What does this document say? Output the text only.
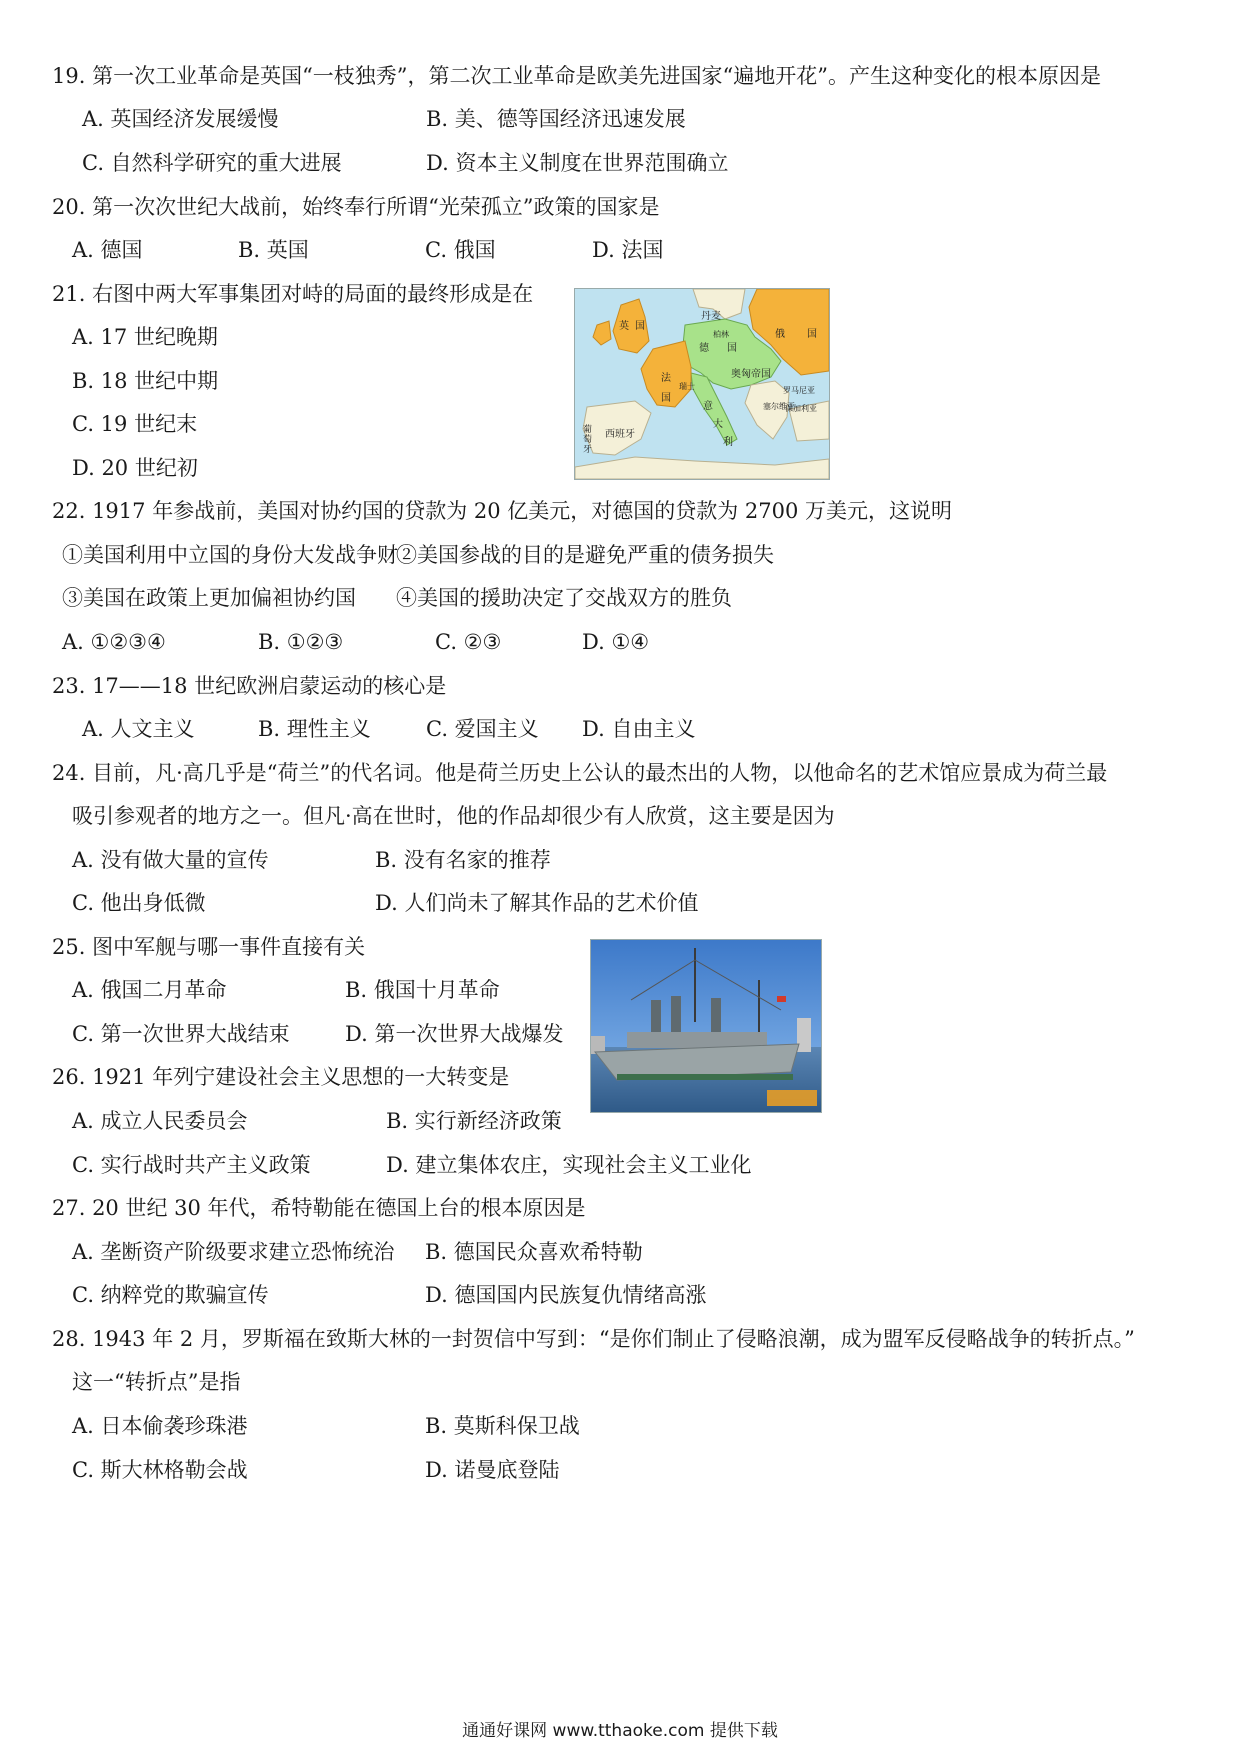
19. 第一次工业革命是英国“一枝独秀”，第二次工业革命是欧美先进国家“遍地开花”。产生这种变化的根本原因是
A. 英国经济发展缓慢	B. 美、德等国经济迅速发展
C. 自然科学研究的重大进展	D. 资本主义制度在世界范围确立
20. 第一次次世纪大战前，始终奉行所谓“光荣孤立”政策的国家是
A. 德国	B. 英国	C. 俄国	D. 法国
21. 右图中两大军事集团对峙的局面的最终形成是在
A. 17 世纪晚期
B. 18 世纪中期
C. 19 世纪末
D. 20 世纪初
英 国
法
国
德 国
俄 国
奥匈帝国
意
大
利
西班牙
葡萄牙
丹麦
柏林
瑞士
保加利亚
塞尔维亚
罗马尼亚
22. 1917 年参战前，美国对协约国的贷款为 20 亿美元，对德国的贷款为 2700 万美元，这说明
①美国利用中立国的身份大发战争财
②美国参战的目的是避免严重的债务损失
③美国在政策上更加偏袒协约国 ④美国的援助决定了交战双方的胜负
A. ①②③④	B. ①②③	C. ②③	D. ①④
23. 17——18 世纪欧洲启蒙运动的核心是
A. 人文主义	B. 理性主义	C. 爱国主义 D. 自由主义
24. 目前，凡·高几乎是“荷兰”的代名词。他是荷兰历史上公认的最杰出的人物，以他命名的艺术馆应景成为荷兰最
吸引参观者的地方之一。但凡·高在世时，他的作品却很少有人欣赏，这主要是因为
A. 没有做大量的宣传	B. 没有名家的推荐
C. 他出身低微	D. 人们尚未了解其作品的艺术价值
25. 图中军舰与哪一事件直接有关
A. 俄国二月革命	B. 俄国十月革命
C. 第一次世界大战结束	D. 第一次世界大战爆发
26. 1921 年列宁建设社会主义思想的一大转变是
A. 成立人民委员会	B. 实行新经济政策
C. 实行战时共产主义政策	D. 建立集体农庄，实现社会主义工业化
27. 20 世纪 30 年代，希特勒能在德国上台的根本原因是
A. 垄断资产阶级要求建立恐怖统治 B. 德国民众喜欢希特勒
C. 纳粹党的欺骗宣传	D. 德国国内民族复仇情绪高涨
28. 1943 年 2 月，罗斯福在致斯大林的一封贺信中写到：“是你们制止了侵略浪潮，成为盟军反侵略战争的转折点。”
这一“转折点”是指
A. 日本偷袭珍珠港	B. 莫斯科保卫战
C. 斯大林格勒会战	D. 诺曼底登陆
通通好课网 www.tthaoke.com 提供下载
